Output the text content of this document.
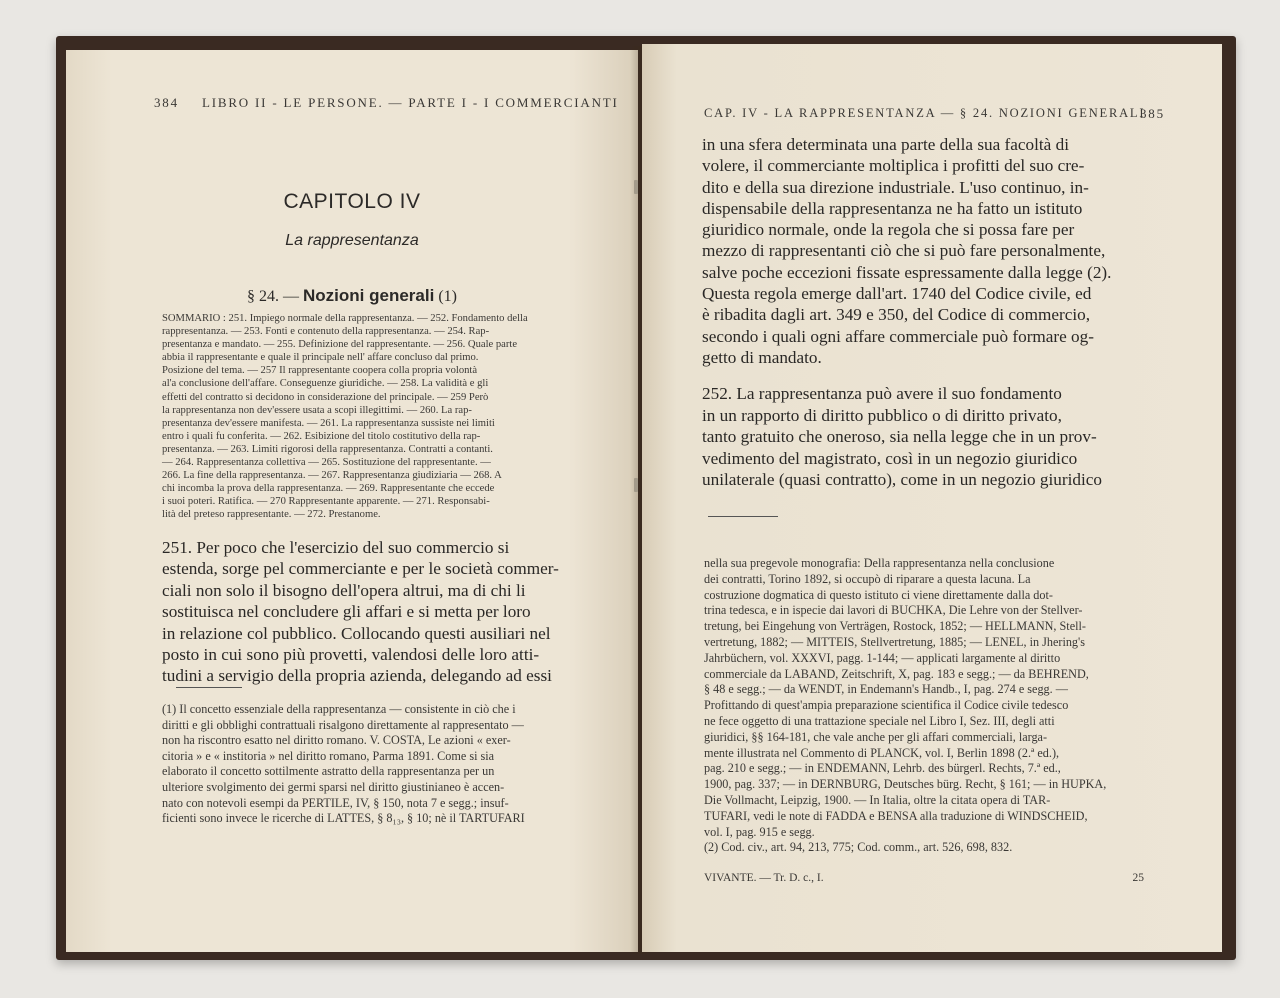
384 LIBRO II - LE PERSONE. — PARTE I - I COMMERCIANTI
CAPITOLO IV
La rappresentanza
§ 24. — Nozioni generali (1)
SOMMARIO : 251. Impiego normale della rappresentanza. — 252. Fondamento della
rappresentanza. — 253. Fonti e contenuto della rappresentanza. — 254. Rap-
presentanza e mandato. — 255. Definizione del rappresentante. — 256. Quale parte
abbia il rappresentante e quale il principale nell' affare concluso dal primo.
Posizione del tema. — 257 Il rappresentante coopera colla propria volontà
al'a conclusione dell'affare. Conseguenze giuridiche. — 258. La validità e gli
effetti del contratto si decidono in considerazione del principale. — 259 Però
la rappresentanza non dev'essere usata a scopi illegittimi. — 260. La rap-
presentanza dev'essere manifesta. — 261. La rappresentanza sussiste nei limiti
entro i quali fu conferita. — 262. Esibizione del titolo costitutivo della rap-
presentanza. — 263. Limiti rigorosi della rappresentanza. Contratti a contanti.
— 264. Rappresentanza collettiva — 265. Sostituzione del rappresentante. —
266. La fine della rappresentanza. — 267. Rappresentanza giudiziaria — 268. A
chi incomba la prova della rappresentanza. — 269. Rappresentante che eccede
i suoi poteri. Ratifica. — 270 Rappresentante apparente. — 271. Responsabi-
lità del preteso rappresentante. — 272. Prestanome.
251. Per poco che l'esercizio del suo commercio si
estenda, sorge pel commerciante e per le società commer-
ciali non solo il bisogno dell'opera altrui, ma di chi li
sostituisca nel concludere gli affari e si metta per loro
in relazione col pubblico. Collocando questi ausiliari nel
posto in cui sono più provetti, valendosi delle loro atti-
tudini a servigio della propria azienda, delegando ad essi
(1) Il concetto essenziale della rappresentanza — consistente in ciò che i
diritti e gli obblighi contrattuali risalgono direttamente al rappresentato —
non ha riscontro esatto nel diritto romano. V. COSTA, Le azioni « exer-
citoria » e « institoria » nel diritto romano, Parma 1891. Come si sia
elaborato il concetto sottilmente astratto della rappresentanza per un
ulteriore svolgimento dei germi sparsi nel diritto giustinianeo è accen-
nato con notevoli esempi da PERTILE, IV, § 150, nota 7 e segg.; insuf-
ficienti sono invece le ricerche di LATTES, § 8₁₃, § 10; nè il TARTUFARI
CAP. IV - LA RAPPRESENTANZA — § 24. NOZIONI GENERALI
385
in una sfera determinata una parte della sua facoltà di
volere, il commerciante moltiplica i profitti del suo cre-
dito e della sua direzione industriale. L'uso continuo, in-
dispensabile della rappresentanza ne ha fatto un istituto
giuridico normale, onde la regola che si possa fare per
mezzo di rappresentanti ciò che si può fare personalmente,
salve poche eccezioni fissate espressamente dalla legge (2).
Questa regola emerge dall'art. 1740 del Codice civile, ed
è ribadita dagli art. 349 e 350, del Codice di commercio,
secondo i quali ogni affare commerciale può formare og-
getto di mandato.
252. La rappresentanza può avere il suo fondamento
in un rapporto di diritto pubblico o di diritto privato,
tanto gratuito che oneroso, sia nella legge che in un prov-
vedimento del magistrato, così in un negozio giuridico
unilaterale (quasi contratto), come in un negozio giuridico
nella sua pregevole monografia: Della rappresentanza nella conclusione
dei contratti, Torino 1892, si occupò di riparare a questa lacuna. La
costruzione dogmatica di questo istituto ci viene direttamente dalla dot-
trina tedesca, e in ispecie dai lavori di BUCHKA, Die Lehre von der Stellver-
tretung, bei Eingehung von Verträgen, Rostock, 1852; — HELLMANN, Stell-
vertretung, 1882; — MITTEIS, Stellvertretung, 1885; — LENEL, in Jhering's
Jahrbüchern, vol. XXXVI, pagg. 1-144; — applicati largamente al diritto
commerciale da LABAND, Zeitschrift, X, pag. 183 e segg.; — da BEHREND,
§ 48 e segg.; — da WENDT, in Endemann's Handb., I, pag. 274 e segg. —
Profittando di quest'ampia preparazione scientifica il Codice civile tedesco
ne fece oggetto di una trattazione speciale nel Libro I, Sez. III, degli atti
giuridici, §§ 164-181, che vale anche per gli affari commerciali, larga-
mente illustrata nel Commento di PLANCK, vol. I, Berlin 1898 (2.ª ed.),
pag. 210 e segg.; — in ENDEMANN, Lehrb. des bürgerl. Rechts, 7.ª ed.,
1900, pag. 337; — in DERNBURG, Deutsches bürg. Recht, § 161; — in HUPKA,
Die Vollmacht, Leipzig, 1900. — In Italia, oltre la citata opera di TAR-
TUFARI, vedi le note di FADDA e BENSA alla traduzione di WINDSCHEID,
vol. I, pag. 915 e segg.
(2) Cod. civ., art. 94, 213, 775; Cod. comm., art. 526, 698, 832.
VIVANTE. — Tr. D. c., I.	25
